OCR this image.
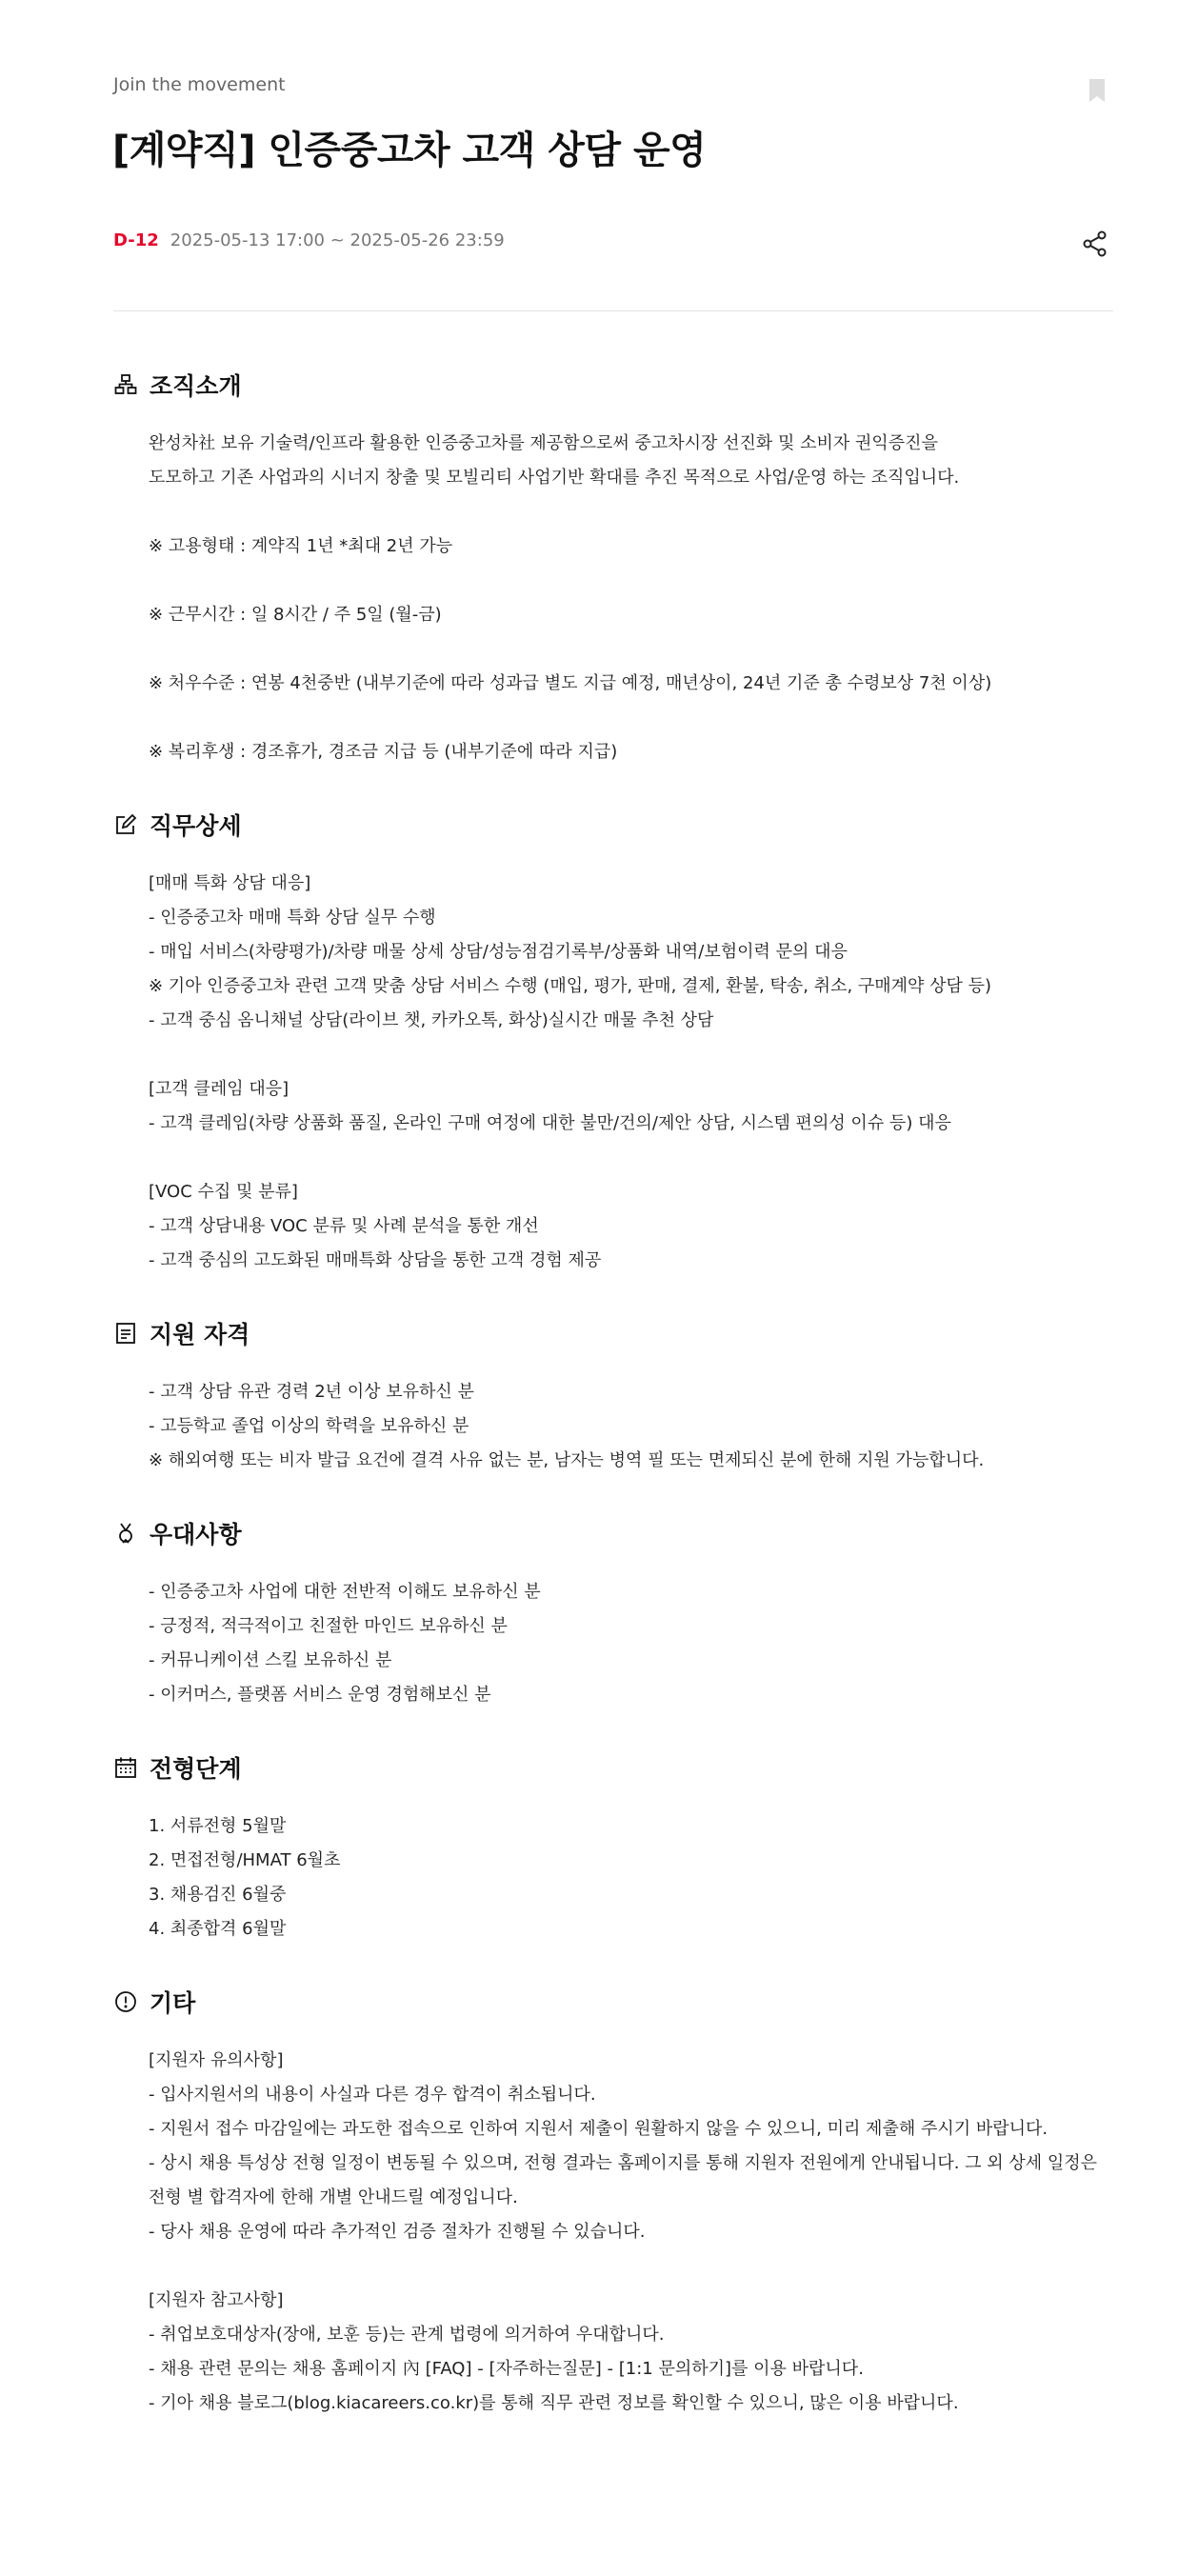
Join the movement
[계약직] 인증중고차 고객 상담 운영
D-12 2025-05-13 17:00 ~ 2025-05-26 23:59
조직소개
완성차社 보유 기술력/인프라 활용한 인증중고차를 제공함으로써 중고차시장 선진화 및 소비자 권익증진을
도모하고 기존 사업과의 시너지 창출 및 모빌리티 사업기반 확대를 추진 목적으로 사업/운영 하는 조직입니다.
※ 고용형태 : 계약직 1년 *최대 2년 가능
※ 근무시간 : 일 8시간 / 주 5일 (월-금)
※ 처우수준 : 연봉 4천중반 (내부기준에 따라 성과급 별도 지급 예정, 매년상이, 24년 기준 총 수령보상 7천 이상)
※ 복리후생 : 경조휴가, 경조금 지급 등 (내부기준에 따라 지급)
직무상세
[매매 특화 상담 대응]
- 인증중고차 매매 특화 상담 실무 수행
- 매입 서비스(차량평가)/차량 매물 상세 상담/성능점검기록부/상품화 내역/보험이력 문의 대응
※ 기아 인증중고차 관련 고객 맞춤 상담 서비스 수행 (매입, 평가, 판매, 결제, 환불, 탁송, 취소, 구매계약 상담 등)
- 고객 중심 옴니채널 상담(라이브 챗, 카카오톡, 화상)실시간 매물 추천 상담
[고객 클레임 대응]
- 고객 클레임(차량 상품화 품질, 온라인 구매 여정에 대한 불만/건의/제안 상담, 시스템 편의성 이슈 등) 대응
[VOC 수집 및 분류]
- 고객 상담내용 VOC 분류 및 사례 분석을 통한 개선
- 고객 중심의 고도화된 매매특화 상담을 통한 고객 경험 제공
지원 자격
- 고객 상담 유관 경력 2년 이상 보유하신 분
- 고등학교 졸업 이상의 학력을 보유하신 분
※ 해외여행 또는 비자 발급 요건에 결격 사유 없는 분, 남자는 병역 필 또는 면제되신 분에 한해 지원 가능합니다.
우대사항
- 인증중고차 사업에 대한 전반적 이해도 보유하신 분
- 긍정적, 적극적이고 친절한 마인드 보유하신 분
- 커뮤니케이션 스킬 보유하신 분
- 이커머스, 플랫폼 서비스 운영 경험해보신 분
전형단계
1. 서류전형 5월말
2. 면접전형/HMAT 6월초
3. 채용검진 6월중
4. 최종합격 6월말
기타
[지원자 유의사항]
- 입사지원서의 내용이 사실과 다른 경우 합격이 취소됩니다.
- 지원서 접수 마감일에는 과도한 접속으로 인하여 지원서 제출이 원활하지 않을 수 있으니, 미리 제출해 주시기 바랍니다.
- 상시 채용 특성상 전형 일정이 변동될 수 있으며, 전형 결과는 홈페이지를 통해 지원자 전원에게 안내됩니다. 그 외 상세 일정은
전형 별 합격자에 한해 개별 안내드릴 예정입니다.
- 당사 채용 운영에 따라 추가적인 검증 절차가 진행될 수 있습니다.
[지원자 참고사항]
- 취업보호대상자(장애, 보훈 등)는 관계 법령에 의거하여 우대합니다.
- 채용 관련 문의는 채용 홈페이지 內 [FAQ] - [자주하는질문] - [1:1 문의하기]를 이용 바랍니다.
- 기아 채용 블로그(blog.kiacareers.co.kr)를 통해 직무 관련 정보를 확인할 수 있으니, 많은 이용 바랍니다.
